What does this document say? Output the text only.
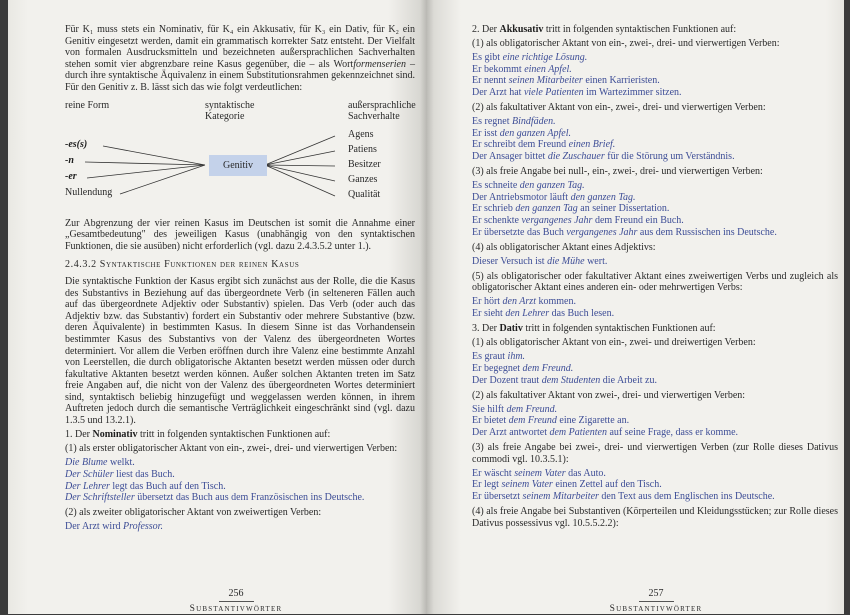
Für K₁ muss stets ein Nominativ, für K₄ ein Akkusativ, für K₃ ein Dativ, für K₂ ein Genitiv eingesetzt werden, damit ein grammatisch korrekter Satz entsteht. Der Vielfalt von formalen Ausdrucksmitteln und bezeichneten außersprachlichen Sachverhalten stehen somit vier abgrenzbare reine Kasus gegenüber, die – als Wortformenserien – durch ihre syntaktische Äquivalenz in einem Substitutionsrahmen gekennzeichnet sind. Für den Genitiv z. B. lässt sich das wie folgt verdeutlichen:

reine Form	syntaktische Kategorie
außersprachliche Sachverhalte
-es(s)
-n
-er
Nullendung
Agens
Patiens
Besitzer
Ganzes
Qualität
Genitiv

Zur Abgrenzung der vier reinen Kasus im Deutschen ist somit die Annahme einer „Gesamtbedeutung" des jeweiligen Kasus (unabhängig von den syntaktischen Funktionen, die sie ausüben) nicht erforderlich (vgl. dazu 2.4.3.5.2 unter 1.).

2.4.3.2 Syntaktische Funktionen der reinen Kasus

Die syntaktische Funktion der Kasus ergibt sich zunächst aus der Rolle, die die Kasus des Substantivs in Beziehung auf das übergeordnete Verb (in selteneren Fällen auch auf das übergeordnete Adjektiv oder Substantiv) spielen. Das Verb (oder auch das Adjektiv bzw. das Substantiv) fordert ein Substantiv oder mehrere Substantive (bzw. deren Äquivalente) in bestimmten Kasus. In diesem Sinne ist das Vorhandensein bestimmter Kasus des Substantivs von der Valenz des übergeordneten Wortes determiniert. Vor allem die Verben eröffnen durch ihre Valenz eine bestimmte Anzahl von Leerstellen, die durch obligatorische Aktanten besetzt werden müssen oder durch fakultative Aktanten besetzt werden können. Außer solchen Aktanten treten im Satz freie Angaben auf, die nicht von der Valenz des übergeordneten Wortes determiniert sind, syntaktisch beliebig hinzugefügt und weggelassen werden können, in ihrem Auftreten jedoch durch die semantische Verträglichkeit eingeschränkt sind (vgl. dazu 1.3.5 und 13.2.1).

1. Der Nominativ tritt in folgenden syntaktischen Funktionen auf:

(1) als erster obligatorischer Aktant von ein-, zwei-, drei- und vierwertigen Verben:

Die Blume welkt.

Der Schüler liest das Buch.

Der Lehrer legt das Buch auf den Tisch.

Der Schriftsteller übersetzt das Buch aus dem Französischen ins Deutsche.

(2) als zweiter obligatorischer Aktant von zweiwertigen Verben:

Der Arzt wird Professor.

256
Substantivwörter

2. Der Akkusativ tritt in folgenden syntaktischen Funktionen auf:

(1) als obligatorischer Aktant von ein-, zwei-, drei- und vierwertigen Verben:

Es gibt eine richtige Lösung.

Er bekommt einen Apfel.

Er nennt seinen Mitarbeiter einen Karrieristen.

Der Arzt hat viele Patienten im Wartezimmer sitzen.

(2) als fakultativer Aktant von ein-, zwei-, drei- und vierwertigen Verben:

Es regnet Bindfäden.

Er isst den ganzen Apfel.

Er schreibt dem Freund einen Brief.

Der Ansager bittet die Zuschauer für die Störung um Verständnis.

(3) als freie Angabe bei null-, ein-, zwei-, drei- und vierwertigen Verben:

Es schneite den ganzen Tag.

Der Antriebsmotor läuft den ganzen Tag.

Er schrieb den ganzen Tag an seiner Dissertation.

Er schenkte vergangenes Jahr dem Freund ein Buch.

Er übersetzte das Buch vergangenes Jahr aus dem Russischen ins Deutsche.

(4) als obligatorischer Aktant eines Adjektivs:

Dieser Versuch ist die Mühe wert.

(5) als obligatorischer oder fakultativer Aktant eines zweiwertigen Verbs und zugleich als obligatorischer Aktant eines anderen ein- oder mehrwertigen Verbs:

Er hört den Arzt kommen.

Er sieht den Lehrer das Buch lesen.

3. Der Dativ tritt in folgenden syntaktischen Funktionen auf:

(1) als obligatorischer Aktant von ein-, zwei- und dreiwertigen Verben:

Es graut ihm.

Er begegnet dem Freund.

Der Dozent traut dem Studenten die Arbeit zu.

(2) als fakultativer Aktant von zwei-, drei- und vierwertigen Verben:

Sie hilft dem Freund.

Er bietet dem Freund eine Zigarette an.

Der Arzt antwortet dem Patienten auf seine Frage, dass er komme.

(3) als freie Angabe bei zwei-, drei- und vierwertigen Verben (zur Rolle dieses Dativus commodi vgl. 10.3.5.1):

Er wäscht seinem Vater das Auto.

Er legt seinem Vater einen Zettel auf den Tisch.

Er übersetzt seinem Mitarbeiter den Text aus dem Englischen ins Deutsche.

(4) als freie Angabe bei Substantiven (Körperteilen und Kleidungsstücken; zur Rolle dieses Dativus possessivus vgl. 10.5.5.2.2):

257
Substantivwörter
